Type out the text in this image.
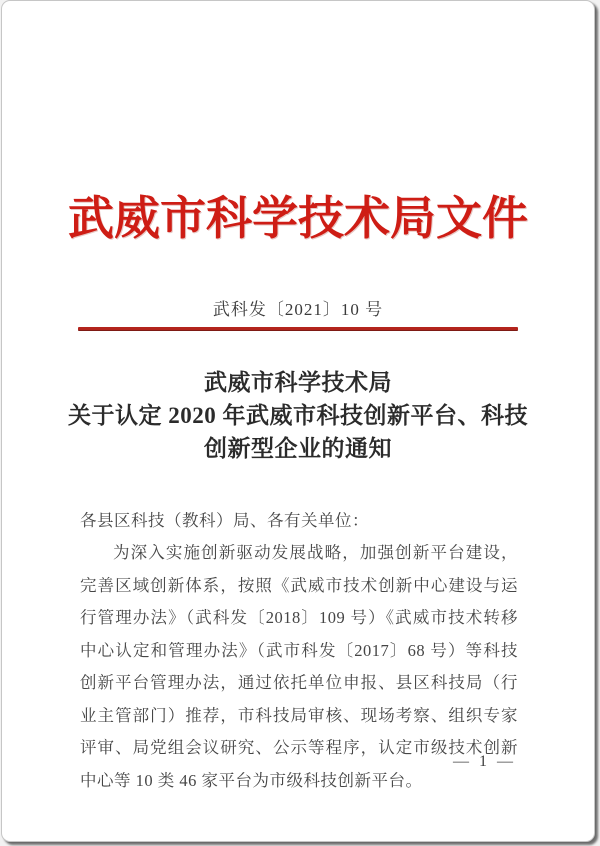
武威市科学技术局文件
武科发〔2021〕10 号
武威市科学技术局
关于认定 2020 年武威市科技创新平台、科技
创新型企业的通知
各县区科技（教科）局、各有关单位：

为深入实施创新驱动发展战略，加强创新平台建设，完善区域创新体系，按照《武威市技术创新中心建设与运行管理办法》（武科发〔2018〕109 号）《武威市技术转移中心认定和管理办法》（武市科发〔2017〕68 号）等科技创新平台管理办法，通过依托单位申报、县区科技局（行业主管部门）推荐，市科技局审核、现场考察、组织专家评审、局党组会议研究、公示等程序，认定市级技术创新中心等 10 类 46 家平台为市级科技创新平台。

— 1 —
